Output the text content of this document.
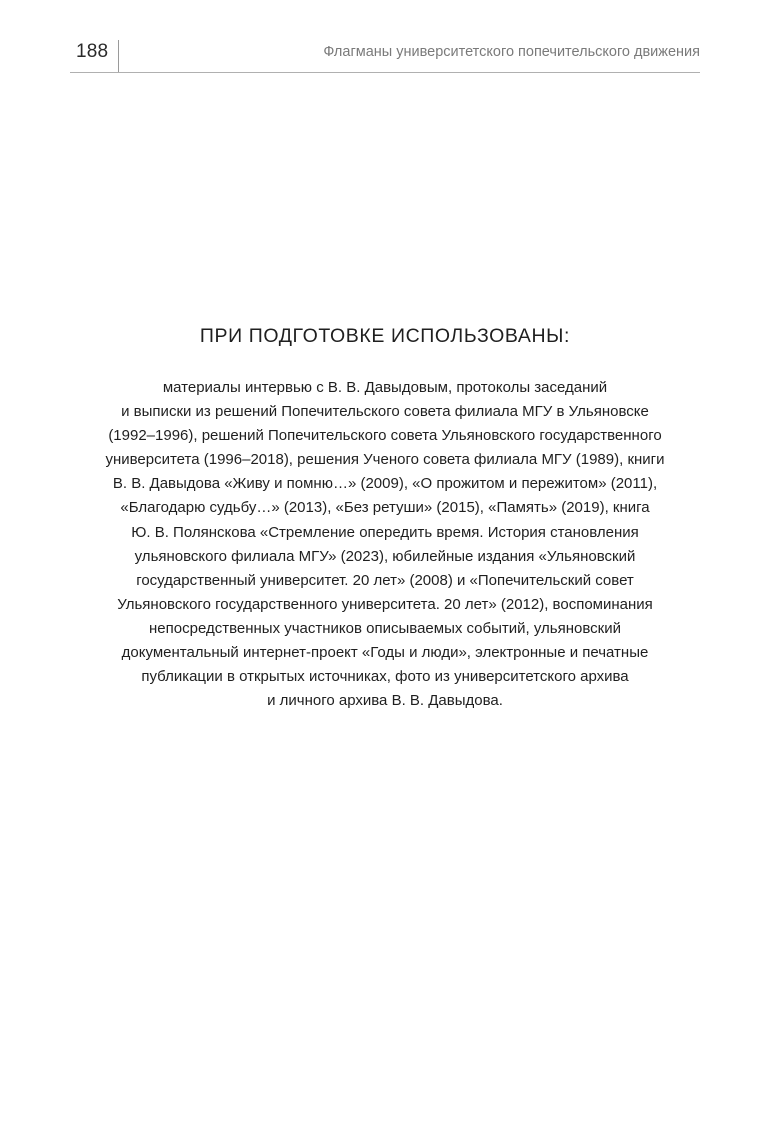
188	Флагманы университетского попечительского движения
ПРИ ПОДГОТОВКЕ ИСПОЛЬЗОВАНЫ:
материалы интервью с В. В. Давыдовым, протоколы заседаний
и выписки из решений Попечительского совета филиала МГУ в Ульяновске
(1992–1996), решений Попечительского совета Ульяновского государственного
университета (1996–2018), решения Ученого совета филиала МГУ (1989), книги
В. В. Давыдова «Живу и помню…» (2009), «О прожитом и пережитом» (2011),
«Благодарю судьбу…» (2013), «Без ретуши» (2015), «Память» (2019), книга
Ю. В. Полянскова «Стремление опередить время. История становления
ульяновского филиала МГУ» (2023), юбилейные издания «Ульяновский
государственный университет. 20 лет» (2008) и «Попечительский совет
Ульяновского государственного университета. 20 лет» (2012), воспоминания
непосредственных участников описываемых событий, ульяновский
документальный интернет-проект «Годы и люди», электронные и печатные
публикации в открытых источниках, фото из университетского архива
и личного архива В. В. Давыдова.
